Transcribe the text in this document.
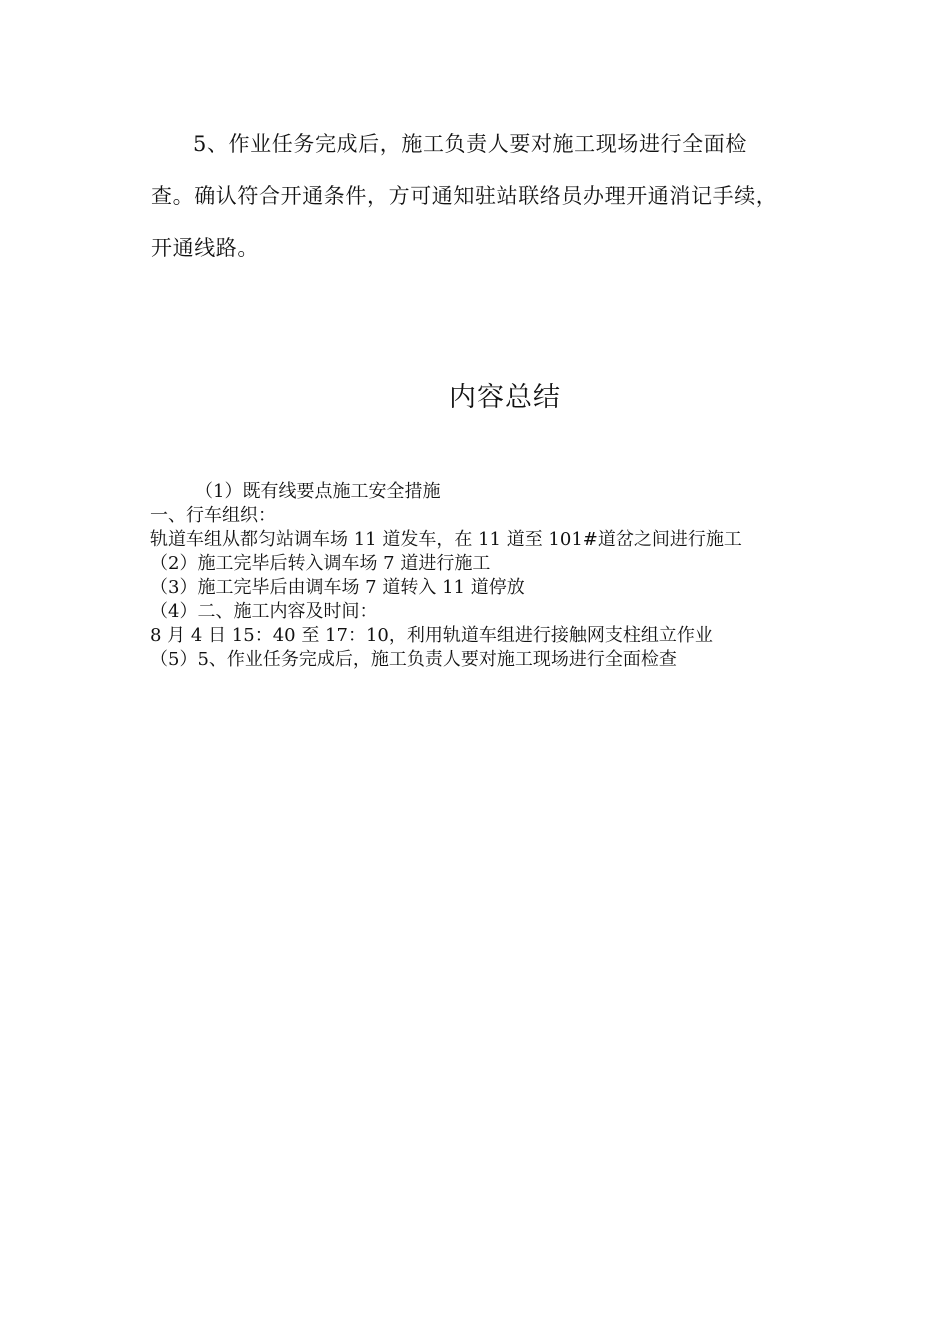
5、作业任务完成后，施工负责人要对施工现场进行全面检
查。确认符合开通条件，方可通知驻站联络员办理开通消记手续，
开通线路。
内容总结
（1）既有线要点施工安全措施
一、行车组织：
轨道车组从都匀站调车场 11 道发车，在 11 道至 101#道岔之间进行施工
（2）施工完毕后转入调车场 7 道进行施工
（3）施工完毕后由调车场 7 道转入 11 道停放
（4）二、施工内容及时间：
8 月 4 日 15：40 至 17：10，利用轨道车组进行接触网支柱组立作业
（5）5、作业任务完成后，施工负责人要对施工现场进行全面检查
